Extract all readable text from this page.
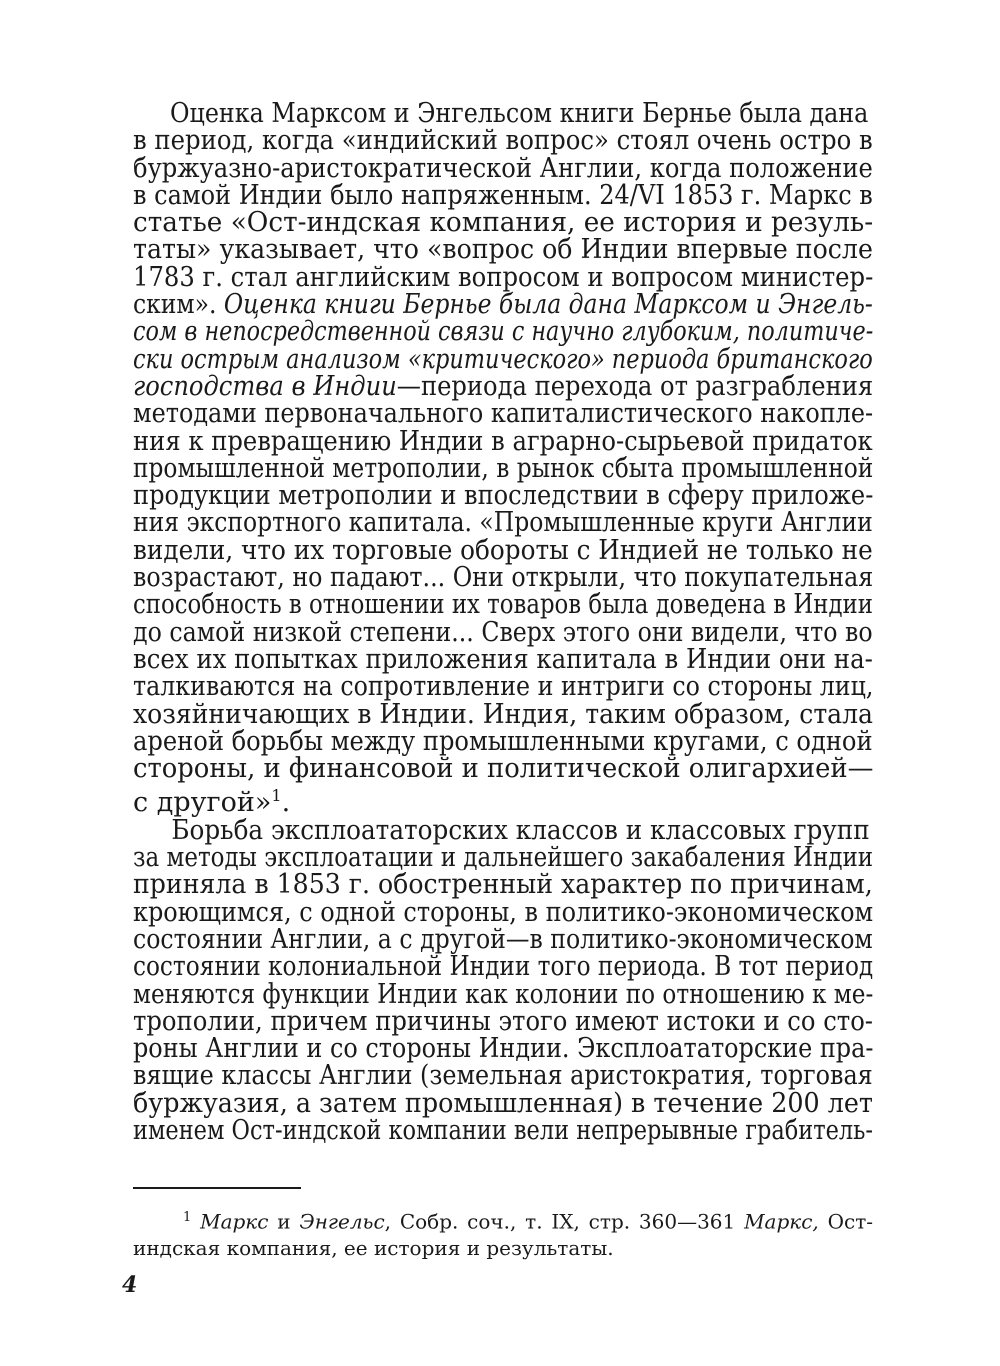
Оценка Марксом и Энгельсом книги Бернье была дана
в период, когда «индийский вопрос» стоял очень остро в
буржуазно-аристократической Англии, когда положение
в самой Индии было напряженным. 24/VI 1853 г. Маркс в
статье «Ост-индская компания, ее история и резуль-
таты» указывает, что «вопрос об Индии впервые после
1783 г. стал английским вопросом и вопросом министер-
ским». Оценка книги Бернье была дана Марксом и Энгель-
сом в непосредственной связи с научно глубоким, политиче-
ски острым анализом «критического» периода британского
господства в Индии—периода перехода от разграбления
методами первоначального капиталистического накопле-
ния к превращению Индии в аграрно-сырьевой придаток
промышленной метрополии, в рынок сбыта промышленной
продукции метрополии и впоследствии в сферу приложе-
ния экспортного капитала. «Промышленные круги Англии
видели, что их торговые обороты с Индией не только не
возрастают, но падают... Они открыли, что покупательная
способность в отношении их товаров была доведена в Индии
до самой низкой степени... Сверх этого они видели, что во
всех их попытках приложения капитала в Индии они на-
талкиваются на сопротивление и интриги со стороны лиц,
хозяйничающих в Индии. Индия, таким образом, стала
ареной борьбы между промышленными кругами, с одной
стороны, и финансовой и политической олигархией—
с другой»$^1$.
Борьба эксплоататорских классов и классовых групп
за методы эксплоатации и дальнейшего закабаления Индии
приняла в 1853 г. обостренный характер по причинам,
кроющимся, с одной стороны, в политико-экономическом
состоянии Англии, а с другой—в политико-экономическом
состоянии колониальной Индии того периода. В тот период
меняются функции Индии как колонии по отношению к ме-
трополии, причем причины этого имеют истоки и со сто-
роны Англии и со стороны Индии. Эксплоататорские пра-
вящие классы Англии (земельная аристократия, торговая
буржуазия, а затем промышленная) в течение 200 лет
именем Ост-индской компании вели непрерывные грабитель-
$^1$ Маркс и Энгельс, Собр. соч., т. IX, стр. 360—361 Маркс, Ост-
индская компания, ее история и результаты.
4
